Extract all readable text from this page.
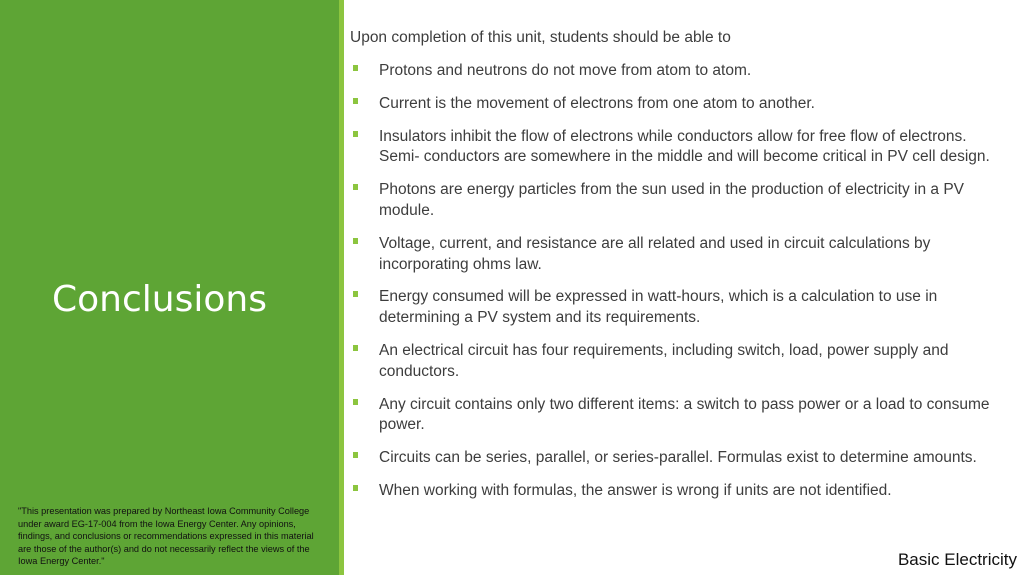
Conclusions
"This presentation was prepared by Northeast Iowa Community College under award EG-17-004 from the Iowa Energy Center. Any opinions, findings, and conclusions or recommendations expressed in this material are those of the author(s) and do not necessarily reflect the views of the Iowa Energy Center."
Upon completion of this unit, students should be able to
Protons and neutrons do not move from atom to atom.
Current is the movement of electrons from one atom to another.
Insulators inhibit the flow of electrons while conductors allow for free flow of electrons. Semi- conductors are somewhere in the middle and will become critical in PV cell design.
Photons are energy particles from the sun used in the production of electricity in a PV module.
Voltage, current, and resistance are all related and used in circuit calculations by incorporating ohms law.
Energy consumed will be expressed in watt-hours, which is a calculation to use in determining a PV system and its requirements.
An electrical circuit has four requirements, including switch, load, power supply and conductors.
Any circuit contains only two different items: a switch to pass power or a load to consume power.
Circuits can be series, parallel, or series-parallel. Formulas exist to determine amounts.
When working with formulas, the answer is wrong if units are not identified.
Basic Electricity
